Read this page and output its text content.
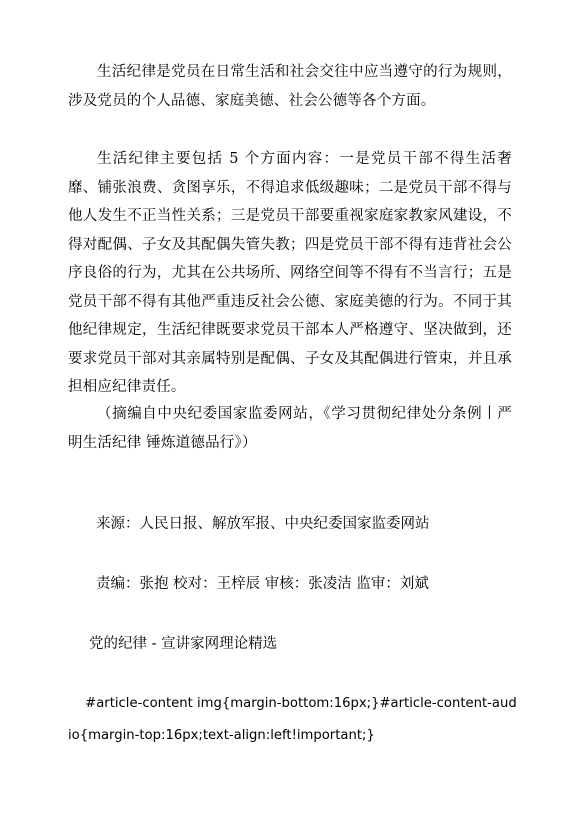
生活纪律是党员在日常生活和社会交往中应当遵守的行为规则，涉及党员的个人品德、家庭美德、社会公德等各个方面。

生活纪律主要包括 5 个方面内容：一是党员干部不得生活奢靡、铺张浪费、贪图享乐，不得追求低级趣味；二是党员干部不得与他人发生不正当性关系；三是党员干部要重视家庭家教家风建设，不得对配偶、子女及其配偶失管失教；四是党员干部不得有违背社会公序良俗的行为，尤其在公共场所、网络空间等不得有不当言行；五是党员干部不得有其他严重违反社会公德、家庭美德的行为。不同于其他纪律规定，生活纪律既要求党员干部本人严格遵守、坚决做到，还要求党员干部对其亲属特别是配偶、子女及其配偶进行管束，并且承担相应纪律责任。

（摘编自中央纪委国家监委网站，《学习贯彻纪律处分条例丨严明生活纪律 锤炼道德品行》）

来源：人民日报、解放军报、中央纪委国家监委网站

责编：张抱 校对：王梓辰 审核：张凌洁 监审：刘斌

党的纪律 - 宣讲家网理论精选

#article-content img{margin-bottom:16px;}#article-content-audio{margin-top:16px;text-align:left!important;}
